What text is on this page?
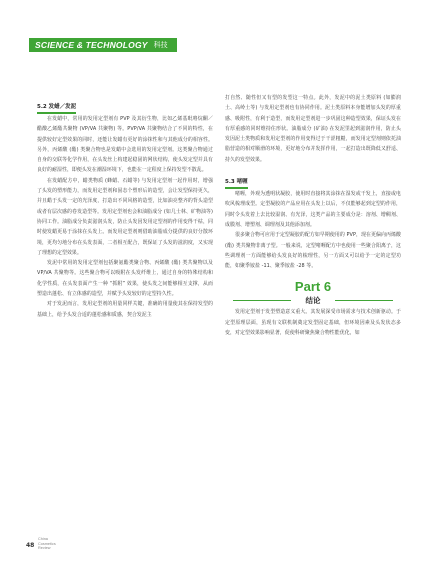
SCIENCE & TECHNOLOGY 科技
5.2 发蜡／发泥

在发蜡中，常用的发用定型剂有 PVP 及其衍生物，比如乙烯基吡咯烷酮／醋酸乙烯酯共聚物 (VP/VA 共聚物) 等。PVP/VA 共聚物结合了不同的特性，在提供较好定型效果的同时，还能让发蜡有更好的涂抹性和与其他成分的相容性。另外，丙烯酸 (酯) 类聚合物也是发蜡中会选用的发用定型剂。这类聚合物通过自身的交联等化学作用，在头发丝上构建起稳固的网状结构，使头发定型并具有良好的耐湿性，即便头发在潮湿环境下，也能在一定程度上保持发型不散乱。

在发蜡配方中，蜡类物质 (蜂蜡、石蜡等) 与发用定型剂一起作用时，增强了头发的塑形能力，而发用定型剂和固态个塑形后的造型，会让发型保持更久，并且蜡于头发一定的光泽度，打造出不同风格的造型，比如油亮整齐的背头造型或者有层次感的卷发造型等。发用定型剂也会和油脂成分 (如几士林、矿物油等) 协同工作。油脂成分负责滋润头发，防止头发因发用定型剂的作用变得干枯，同时使发蜡更易于涂抹在头发上。而发用定型剂则借助油脂成分提供的良好分散环境，更均匀地分布在头发表面，二者相互配合，既保证了头发的滋润度，又实现了理想的定型效果。

发泥中常用的发用定型剂包括聚氨酯类聚合物、丙烯酸 (酯) 类共聚物以及 VP/VA 共聚物等。这些聚合物可以吸附在头发纤维上，通过自身的特殊结构和化学性质，在头发表面产生一种 “抓附” 效果，使头发之间能够相互支撑，从而塑造出蓬松、有立体感的造型，并赋予头发较好的定型持久性。

对于发泥而言，发用定型剂的用量同样关键，准确的用量使其在保持发型的基础上，给予头发合适的蓬松感和质感，契合发泥主

打自然、随性但又有型的发型这一特点。此外，发泥中的泥土类原料 (如膨润土、高岭土等) 与发用定型剂也有协同作用。泥土类原料本身能增加头发的厚重感、吸附性，有利于造型，而发用定型剂进一步巩固这种造型效果，保证头发在有厚重感的同时维持住形状。油脂成分 (矿油) 在发泥里起到滋润作用，防止头发因泥土类物质和发用定型剂的作用变得过于干涩粗糙，而发用定型剂则依托油脂营造的相对顺滑的环境，更好地分布并发挥作用，一起打造出既降低又舒适、持久的发型效果。

5.3 啫喱

啫喱，外观为透明状凝胶，使用时直接将其涂抹在湿发或干发上，直接或电吹风梳理成型。定型凝胶的产品应用在头发上以后，不仅能够起到定型的作用，同时令头发着上去比较湿润、有光泽，这类产品的主要成分是：溶剂、增稠剂、成膜剂、增塑剂、调理剂及其他添加剂。

很多聚合物可应用于定型凝胶的配方如早期使用的 PVP，现在更偏向丙烯酸 (酯) 类共聚物非离子型。一般来说，定型啫喱配方中也使用一些聚合阳离子，这些调理剂一方面能够给头发良好的梳理性，另一方面又可以给予一定的定型功能，如聚季铵盐 -11、聚季铵盐 -28 等。

Part 6
结论

发用定型剂于发型塑造意义重大。其发展深受市场需求与技术创新驱动。于定型原理层面，虽现有文联机制奠定发型固定基础，但环境因素及头发状态多变，对定型效果影响显著，促使科研聚焦聚合物性能优化，如

48
China
Cosmetics
Review
